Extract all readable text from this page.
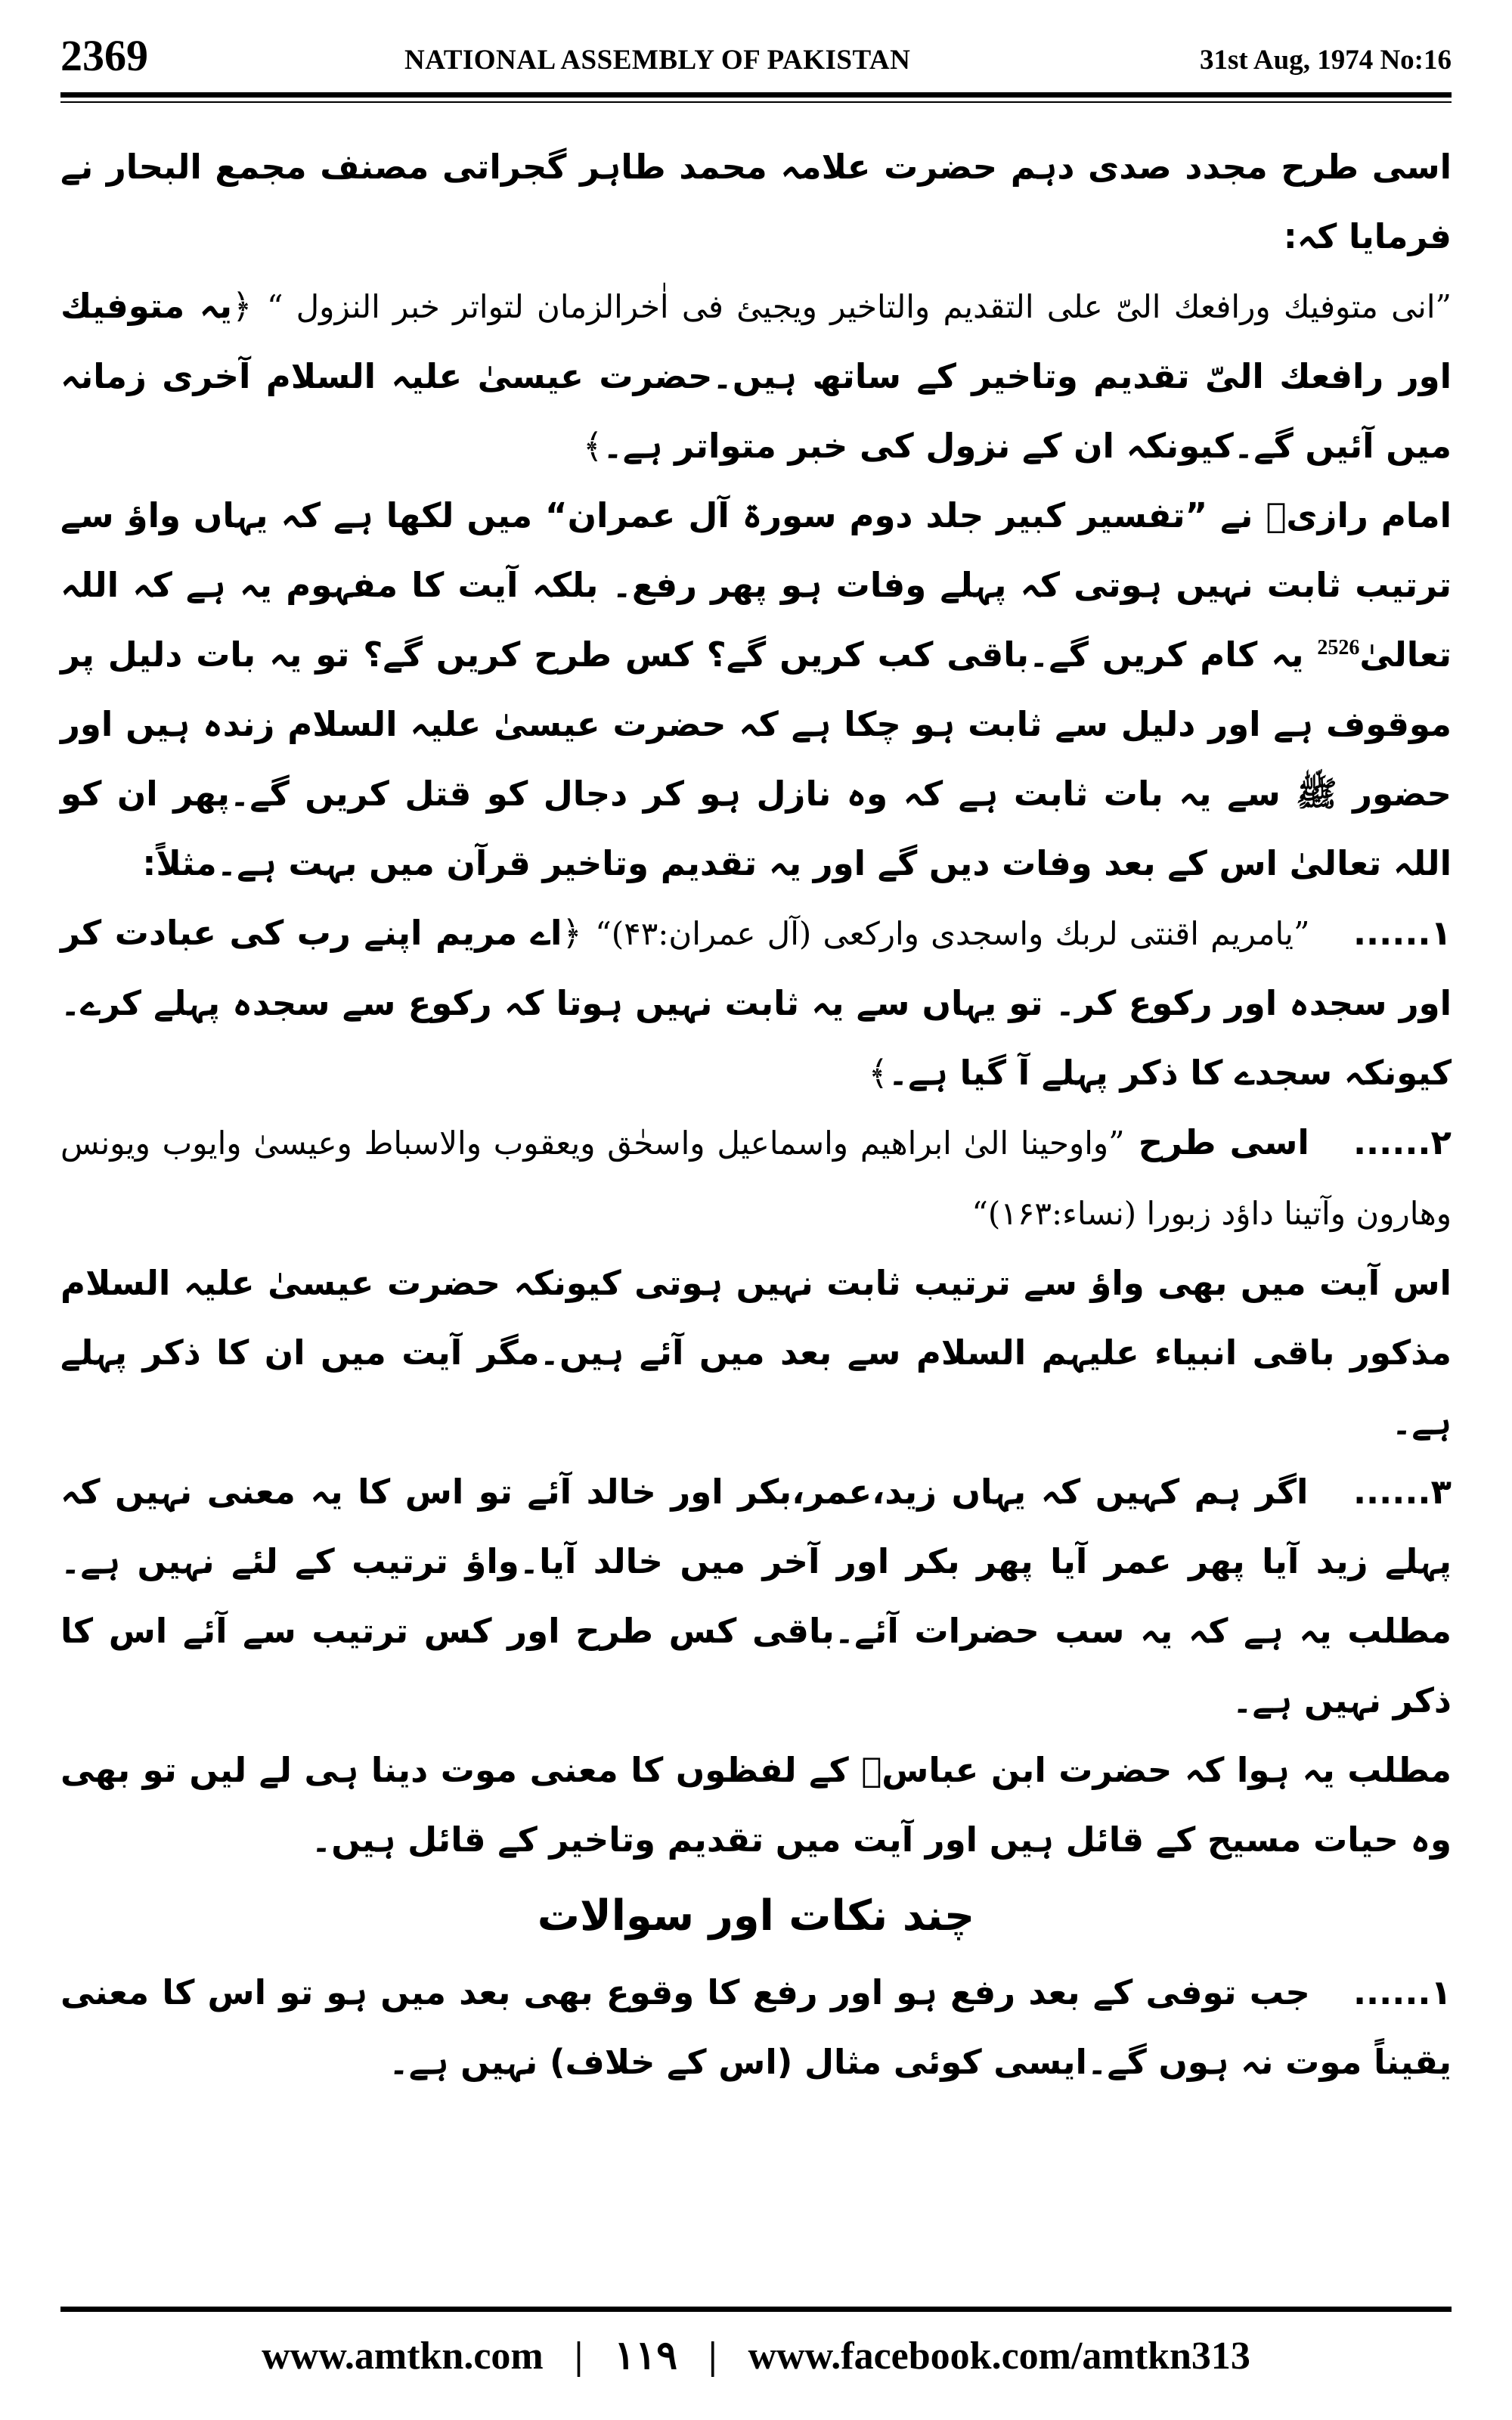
2369	NATIONAL ASSEMBLY OF PAKISTAN	31st Aug, 1974 No:16

اسی طرح مجدد صدی دہم حضرت علامہ محمد طاہر گجراتی مصنف مجمع البحار نے فرمایا کہ:

”انی متوفیك ورافعك الیّ علی التقدیم والتاخیر ویجیئ فی اٰخرالزمان لتواتر خبر النزول “ ﴿یہ متوفیك اور رافعك الیّ تقدیم وتاخیر کے ساتھ ہیں۔حضرت عیسیٰ علیہ السلام آخری زمانہ میں آئیں گے۔کیونکہ ان کے نزول کی خبر متواتر ہے۔﴾

امام رازیؒ نے ”تفسیر کبیر جلد دوم سورۃ آل عمران“ میں لکھا ہے کہ یہاں واؤ سے ترتیب ثابت نہیں ہوتی کہ پہلے وفات ہو پھر رفع۔ بلکہ آیت کا مفہوم یہ ہے کہ اللہ تعالیٰ$^{2526}$ یہ کام کریں گے۔باقی کب کریں گے؟ کس طرح کریں گے؟ تو یہ بات دلیل پر موقوف ہے اور دلیل سے ثابت ہو چکا ہے کہ حضرت عیسیٰ علیہ السلام زندہ ہیں اور حضور ﷺ سے یہ بات ثابت ہے کہ وہ نازل ہو کر دجال کو قتل کریں گے۔پھر ان کو اللہ تعالیٰ اس کے بعد وفات دیں گے اور یہ تقدیم وتاخیر قرآن میں بہت ہے۔مثلاً:

۱...... ”یامریم اقنتی لربك واسجدی وارکعی (آل عمران:۴۳)“ ﴿اے مریم اپنے رب کی عبادت کر اور سجدہ اور رکوع کر۔ تو یہاں سے یہ ثابت نہیں ہوتا کہ رکوع سے سجدہ پہلے کرے۔کیونکہ سجدے کا ذکر پہلے آ گیا ہے۔﴾

۲...... اسی طرح ”واوحینا الیٰ ابراھیم واسماعیل واسحٰق ویعقوب والاسباط وعیسیٰ وایوب ویونس وھارون وآتینا داؤد زبورا (نساء:۱۶۳)“

اس آیت میں بھی واؤ سے ترتیب ثابت نہیں ہوتی کیونکہ حضرت عیسیٰ علیہ السلام مذکور باقی انبیاء علیہم السلام سے بعد میں آئے ہیں۔مگر آیت میں ان کا ذکر پہلے ہے۔

۳...... اگر ہم کہیں کہ یہاں زید،عمر،بکر اور خالد آئے تو اس کا یہ معنی نہیں کہ پہلے زید آیا پھر عمر آیا پھر بکر اور آخر میں خالد آیا۔واؤ ترتیب کے لئے نہیں ہے۔مطلب یہ ہے کہ یہ سب حضرات آئے۔باقی کس طرح اور کس ترتیب سے آئے اس کا ذکر نہیں ہے۔

مطلب یہ ہوا کہ حضرت ابن عباسؓ کے لفظوں کا معنی موت دینا ہی لے لیں تو بھی وہ حیات مسیح کے قائل ہیں اور آیت میں تقدیم وتاخیر کے قائل ہیں۔

چند نکات اور سوالات

۱...... جب توفی کے بعد رفع ہو اور رفع کا وقوع بھی بعد میں ہو تو اس کا معنی یقیناً موت نہ ہوں گے۔ایسی کوئی مثال (اس کے خلاف) نہیں ہے۔

www.amtkn.com | ۱۱۹ | www.facebook.com/amtkn313
